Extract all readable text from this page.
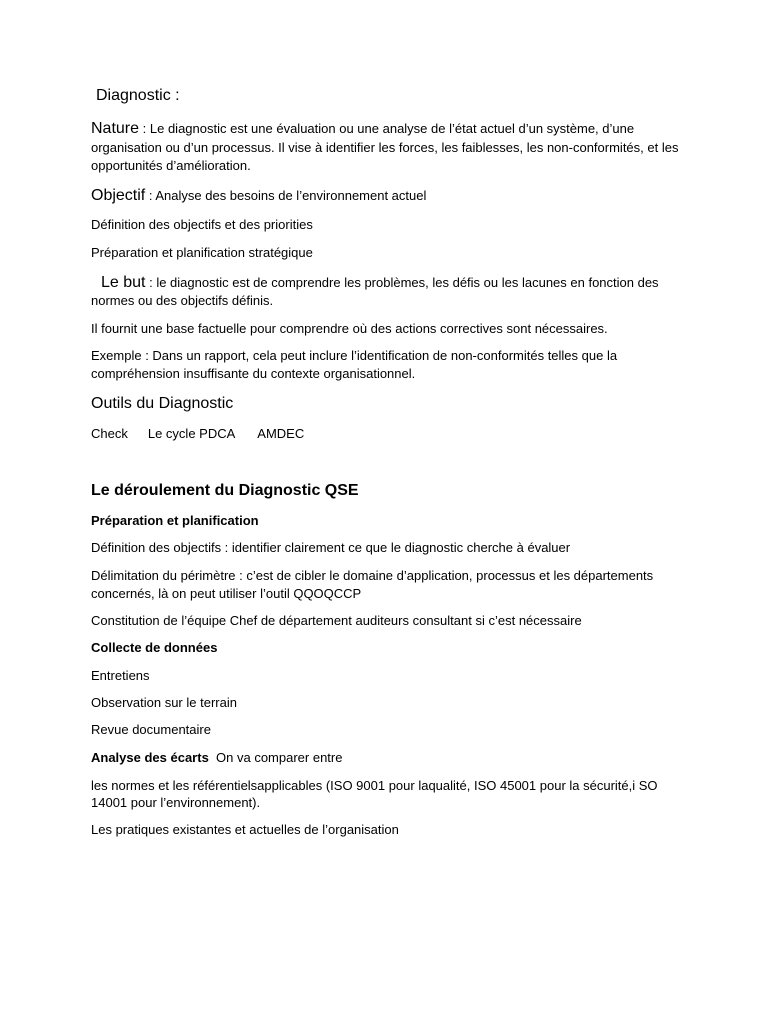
Diagnostic :

Nature : Le diagnostic est une évaluation ou une analyse de l’état actuel d’un système, d’une

organisation ou d’un processus. Il vise à identifier les forces, les faiblesses, les non-conformités, et les

opportunités d’amélioration.

Objectif : Analyse des besoins de l’environnement actuel

Définition des objectifs et des priorities

Préparation et planification stratégique

Le but : le diagnostic est de comprendre les problèmes, les défis ou les lacunes en fonction des

normes ou des objectifs définis.

Il fournit une base factuelle pour comprendre où des actions correctives sont nécessaires.

Exemple : Dans un rapport, cela peut inclure l’identification de non-conformités telles que la

compréhension insuffisante du contexte organisationnel.

Outils du Diagnostic

Check Le cycle PDCA AMDEC

Le déroulement du Diagnostic QSE

Préparation et planification

Définition des objectifs : identifier clairement ce que le diagnostic cherche à évaluer

Délimitation du périmètre : c’est de cibler le domaine d’application, processus et les départements

concernés, là on peut utiliser l’outil QQOQCCP

Constitution de l’équipe Chef de département auditeurs consultant si c’est nécessaire

Collecte de données

Entretiens

Observation sur le terrain

Revue documentaire

Analyse des écarts  On va comparer entre

les normes et les référentielsapplicables (ISO 9001 pour laqualité, ISO 45001 pour la sécurité,i SO

14001 pour l’environnement).

Les pratiques existantes et actuelles de l’organisation
